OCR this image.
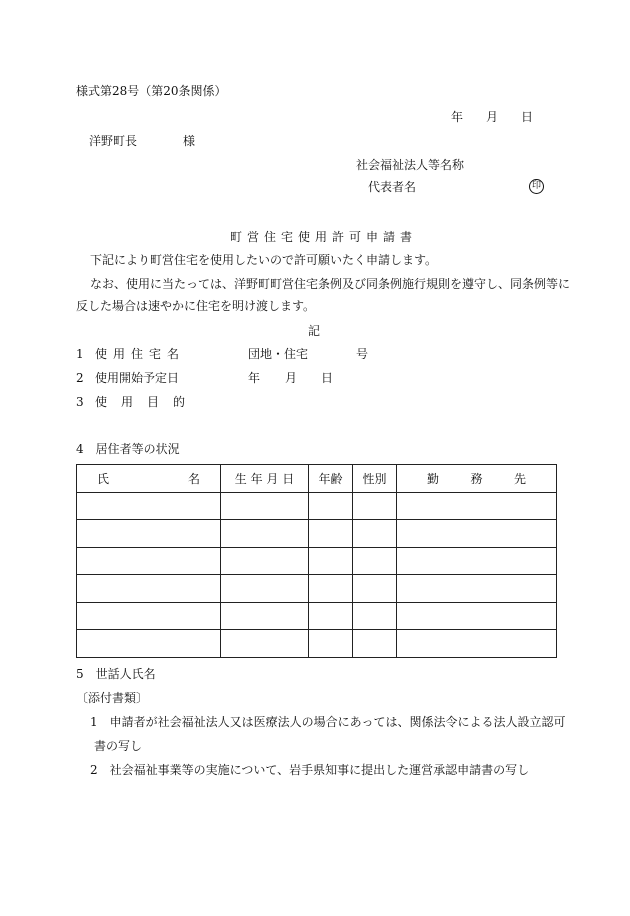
様式第28号（第20条関係）
年 月 日
洋野町長	様
社会福祉法人等名称
代表者名	印
町営住宅使用許可申請書
下記により町営住宅を使用したいので許可願いたく申請します。
なお、使用に当たっては、洋野町町営住宅条例及び同条例施行規則を遵守し、同条例等に
反した場合は速やかに住宅を明け渡します。
記
1 使用住宅名	団地・住宅	号
2 使用開始予定日	年 月 日
3 使用目的
4　居住者等の状況
氏 名	生 年 月 日	年齢	性別	勤 務 先

5　世話人氏名
〔添付書類〕
1　申請者が社会福祉法人又は医療法人の場合にあっては、関係法令による法人設立認可
書の写し
2　社会福祉事業等の実施について、岩手県知事に提出した運営承認申請書の写し
